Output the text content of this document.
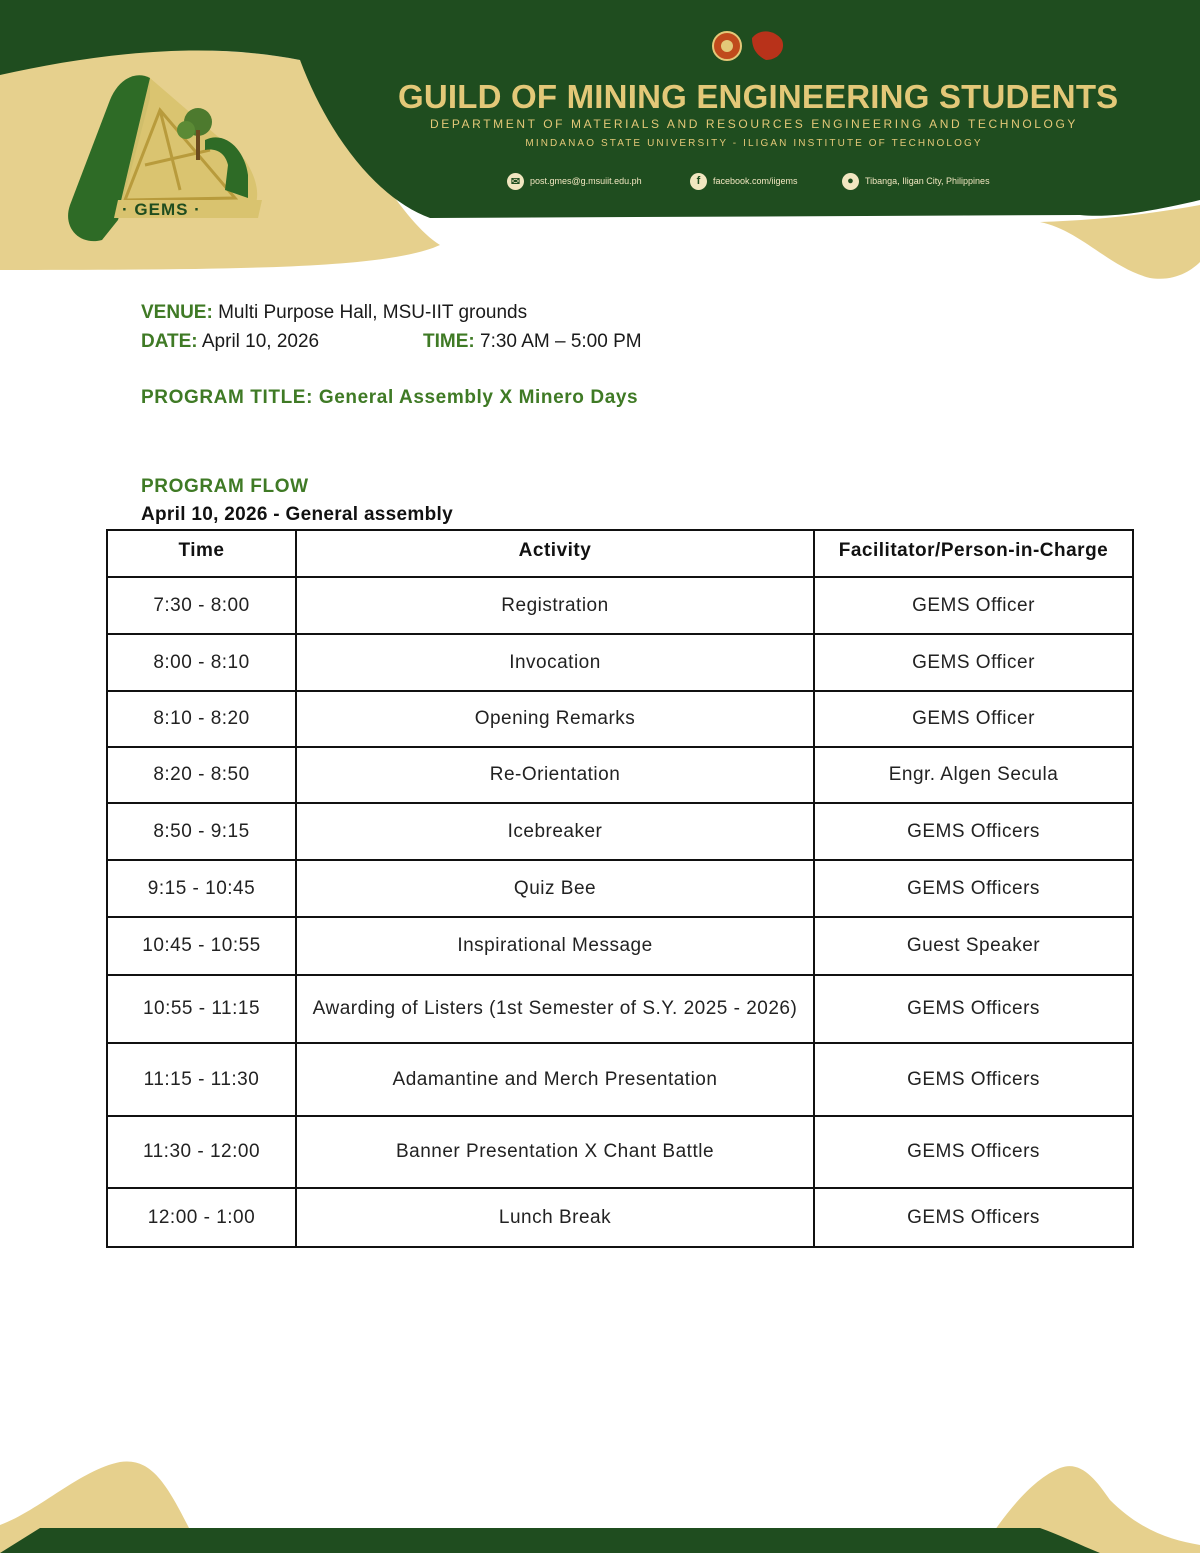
GUILD OF MINING ENGINEERING STUDENTS
DEPARTMENT OF MATERIALS AND RESOURCES ENGINEERING AND TECHNOLOGY
MINDANAO STATE UNIVERSITY - ILIGAN INSTITUTE OF TECHNOLOGY
· GEMS ·
✉	post.gmes@g.msuiit.edu.ph	f	facebook.com/iigems	●	Tibanga, Iligan City, Philippines
VENUE: Multi Purpose Hall, MSU-IIT grounds
DATE: April 10, 2026	TIME: 7:30 AM – 5:00 PM
PROGRAM TITLE: General Assembly X Minero Days
PROGRAM FLOW
April 10, 2026 - General assembly
Time	Activity	Facilitator/Person-in-Charge
7:30 - 8:00	Registration	GEMS Officer
8:00 - 8:10	Invocation	GEMS Officer
8:10 - 8:20	Opening Remarks	GEMS Officer
8:20 - 8:50	Re-Orientation	Engr. Algen Secula
8:50 - 9:15	Icebreaker	GEMS Officers
9:15 - 10:45	Quiz Bee	GEMS Officers
10:45 - 10:55	Inspirational Message	Guest Speaker
10:55 - 11:15	Awarding of Listers (1st Semester of S.Y. 2025 - 2026)	GEMS Officers
11:15 - 11:30	Adamantine and Merch Presentation	GEMS Officers
11:30 - 12:00	Banner Presentation X Chant Battle	GEMS Officers
12:00 - 1:00	Lunch Break	GEMS Officers
